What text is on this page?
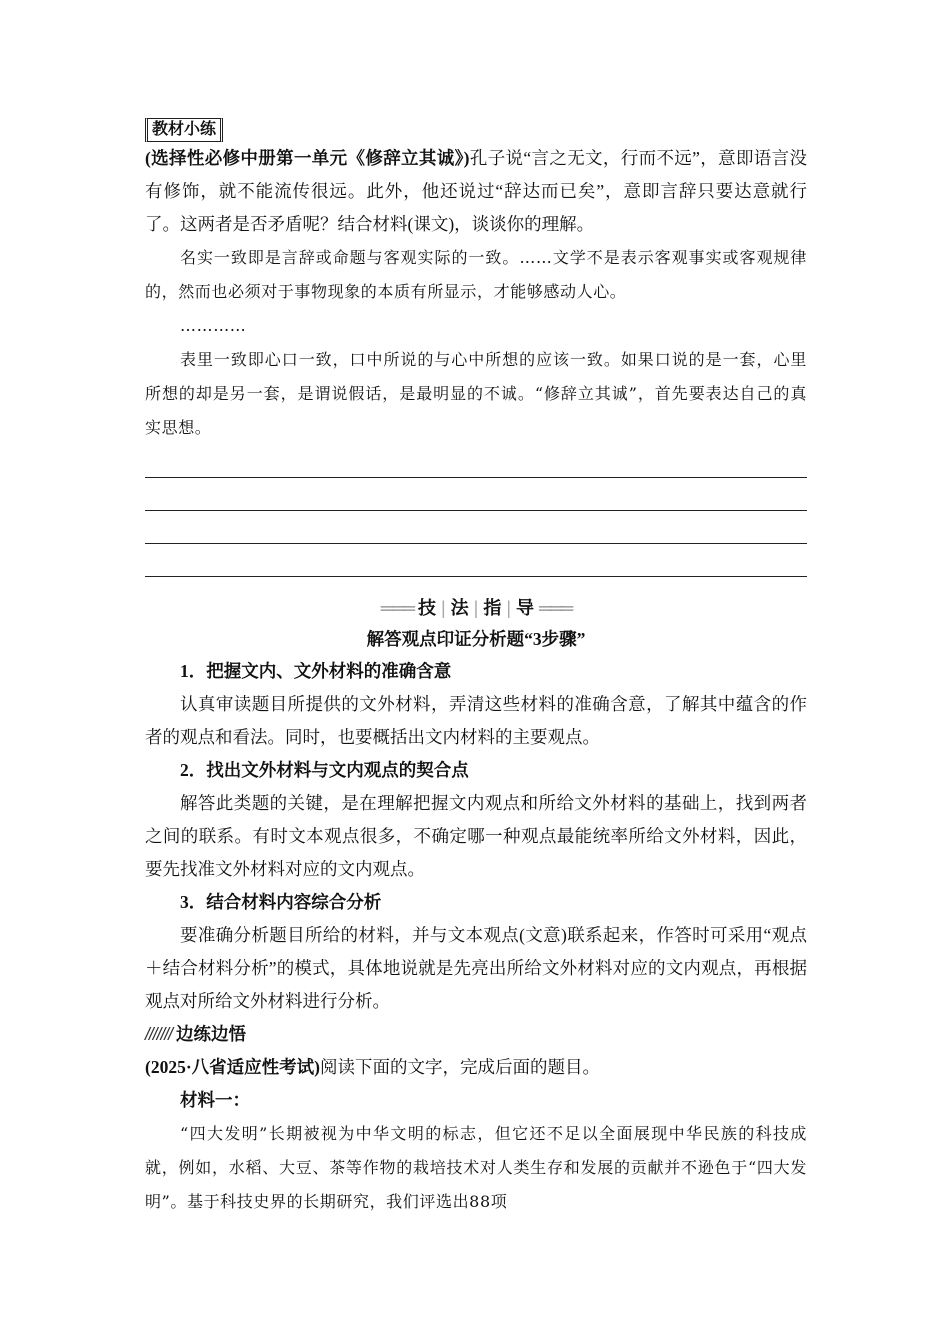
教材小练

(选择性必修中册第一单元《修辞立其诚》)孔子说“言之无文，行而不远”，意即语言没有修饰，就不能流传很远。此外，他还说过“辞达而已矣”，意即言辞只要达意就行了。这两者是否矛盾呢？结合材料(课文)，谈谈你的理解。

名实一致即是言辞或命题与客观实际的一致。……文学不是表示客观事实或客观规律的，然而也必须对于事物现象的本质有所显示，才能够感动人心。

…………

表里一致即心口一致，口中所说的与心中所想的应该一致。如果口说的是一套，心里所想的却是另一套，是谓说假话，是最明显的不诚。“修辞立其诚”，首先要表达自己的真实思想。

═══ 技 | 法 | 指 | 导 ═══

解答观点印证分析题“3步骤”

1．把握文内、文外材料的准确含意

认真审读题目所提供的文外材料，弄清这些材料的准确含意，了解其中蕴含的作者的观点和看法。同时，也要概括出文内材料的主要观点。

2．找出文外材料与文内观点的契合点

解答此类题的关键，是在理解把握文内观点和所给文外材料的基础上，找到两者之间的联系。有时文本观点很多，不确定哪一种观点最能统率所给文外材料，因此，要先找准文外材料对应的文内观点。

3．结合材料内容综合分析

要准确分析题目所给的材料，并与文本观点(文意)联系起来，作答时可采用“观点＋结合材料分析”的模式，具体地说就是先亮出所给文外材料对应的文内观点，再根据观点对所给文外材料进行分析。

/////// 边练边悟

(2025·八省适应性考试)阅读下面的文字，完成后面的题目。

材料一：

“四大发明”长期被视为中华文明的标志，但它还不足以全面展现中华民族的科技成就，例如，水稻、大豆、茶等作物的栽培技术对人类生存和发展的贡献并不逊色于“四大发明”。基于科技史界的长期研究，我们评选出88项
